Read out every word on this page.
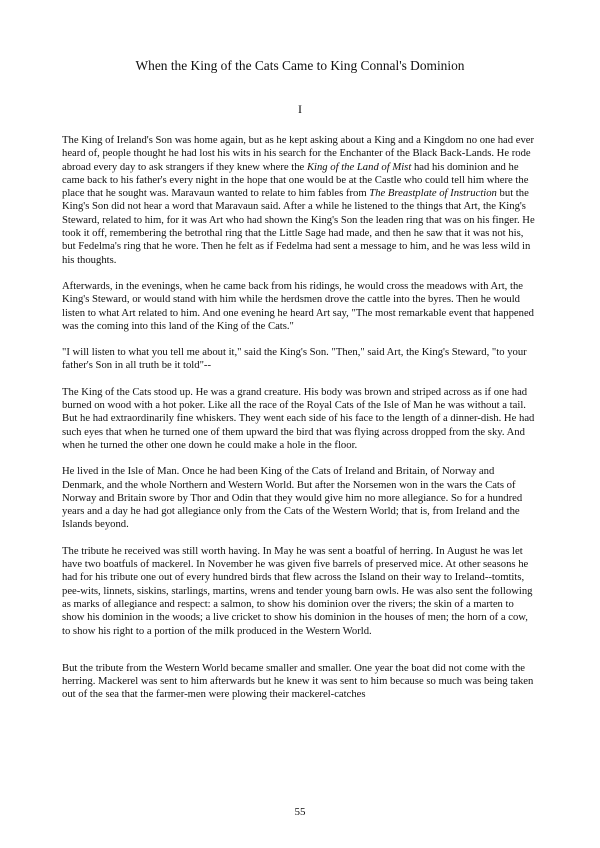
When the King of the Cats Came to King Connal's Dominion
I

The King of Ireland's Son was home again, but as he kept asking about a King and a Kingdom no one had ever heard of, people thought he had lost his wits in his search for the Enchanter of the Black Back-Lands. He rode abroad every day to ask strangers if they knew where the King of the Land of Mist had his dominion and he came back to his father's every night in the hope that one would be at the Castle who could tell him where the place that he sought was. Maravaun wanted to relate to him fables from The Breastplate of Instruction but the King's Son did not hear a word that Maravaun said. After a while he listened to the things that Art, the King's Steward, related to him, for it was Art who had shown the King's Son the leaden ring that was on his finger. He took it off, remembering the betrothal ring that the Little Sage had made, and then he saw that it was not his, but Fedelma's ring that he wore. Then he felt as if Fedelma had sent a message to him, and he was less wild in his thoughts.

Afterwards, in the evenings, when he came back from his ridings, he would cross the meadows with Art, the King's Steward, or would stand with him while the herdsmen drove the cattle into the byres. Then he would listen to what Art related to him. And one evening he heard Art say, "The most remarkable event that happened was the coming into this land of the King of the Cats."

"I will listen to what you tell me about it," said the King's Son. "Then," said Art, the King's Steward, "to your father's Son in all truth be it told"--

The King of the Cats stood up. He was a grand creature. His body was brown and striped across as if one had burned on wood with a hot poker. Like all the race of the Royal Cats of the Isle of Man he was without a tail. But he had extraordinarily fine whiskers. They went each side of his face to the length of a dinner-dish. He had such eyes that when he turned one of them upward the bird that was flying across dropped from the sky. And when he turned the other one down he could make a hole in the floor.

He lived in the Isle of Man. Once he had been King of the Cats of Ireland and Britain, of Norway and Denmark, and the whole Northern and Western World. But after the Norsemen won in the wars the Cats of Norway and Britain swore by Thor and Odin that they would give him no more allegiance. So for a hundred years and a day he had got allegiance only from the Cats of the Western World; that is, from Ireland and the Islands beyond.

The tribute he received was still worth having. In May he was sent a boatful of herring. In August he was let have two boatfuls of mackerel. In November he was given five barrels of preserved mice. At other seasons he had for his tribute one out of every hundred birds that flew across the Island on their way to Ireland--tomtits, pee-wits, linnets, siskins, starlings, martins, wrens and tender young barn owls. He was also sent the following as marks of allegiance and respect: a salmon, to show his dominion over the rivers; the skin of a marten to show his dominion in the woods; a live cricket to show his dominion in the houses of men; the horn of a cow, to show his right to a portion of the milk produced in the Western World.

But the tribute from the Western World became smaller and smaller. One year the boat did not come with the herring. Mackerel was sent to him afterwards but he knew it was sent to him because so much was being taken out of the sea that the farmer-men were plowing their mackerel-catches

55
